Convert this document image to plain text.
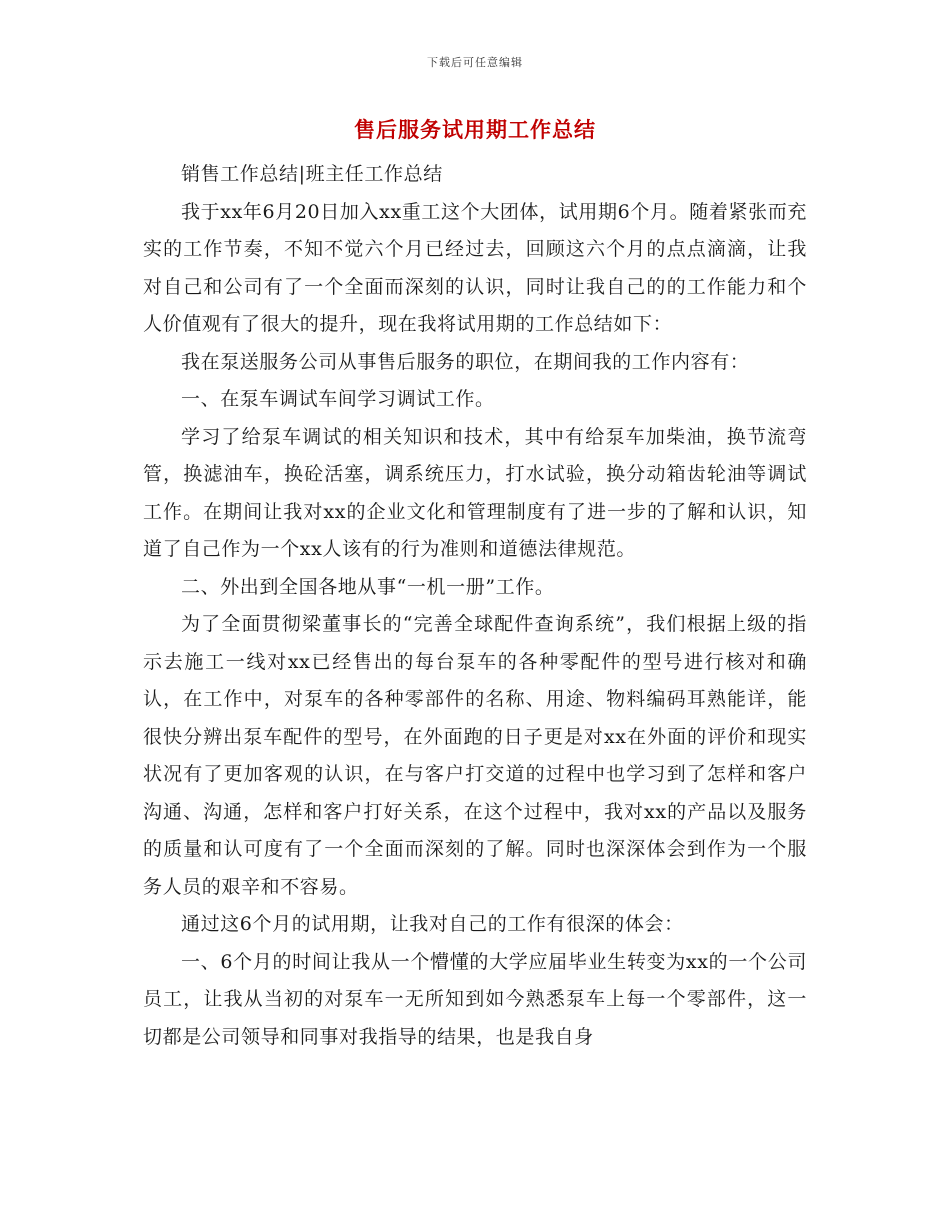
下载后可任意编辑
售后服务试用期工作总结

销售工作总结|班主任工作总结

我于xx年6月20日加入xx重工这个大团体，试用期6个月。随着紧张而充实的工作节奏，不知不觉六个月已经过去，回顾这六个月的点点滴滴，让我对自己和公司有了一个全面而深刻的认识，同时让我自己的的工作能力和个人价值观有了很大的提升，现在我将试用期的工作总结如下：

我在泵送服务公司从事售后服务的职位，在期间我的工作内容有：

一、在泵车调试车间学习调试工作。

学习了给泵车调试的相关知识和技术，其中有给泵车加柴油，换节流弯管，换滤油车，换砼活塞，调系统压力，打水试验，换分动箱齿轮油等调试工作。在期间让我对xx的企业文化和管理制度有了进一步的了解和认识，知道了自己作为一个xx人该有的行为准则和道德法律规范。

二、外出到全国各地从事“一机一册”工作。

为了全面贯彻梁董事长的“完善全球配件查询系统”，我们根据上级的指示去施工一线对xx已经售出的每台泵车的各种零配件的型号进行核对和确认，在工作中，对泵车的各种零部件的名称、用途、物料编码耳熟能详，能很快分辨出泵车配件的型号，在外面跑的日子更是对xx在外面的评价和现实状况有了更加客观的认识，在与客户打交道的过程中也学习到了怎样和客户沟通、沟通，怎样和客户打好关系，在这个过程中，我对xx的产品以及服务的质量和认可度有了一个全面而深刻的了解。同时也深深体会到作为一个服务人员的艰辛和不容易。

通过这6个月的试用期，让我对自己的工作有很深的体会：

一、6个月的时间让我从一个懵懂的大学应届毕业生转变为xx的一个公司员工，让我从当初的对泵车一无所知到如今熟悉泵车上每一个零部件，这一切都是公司领导和同事对我指导的结果，也是我自身
